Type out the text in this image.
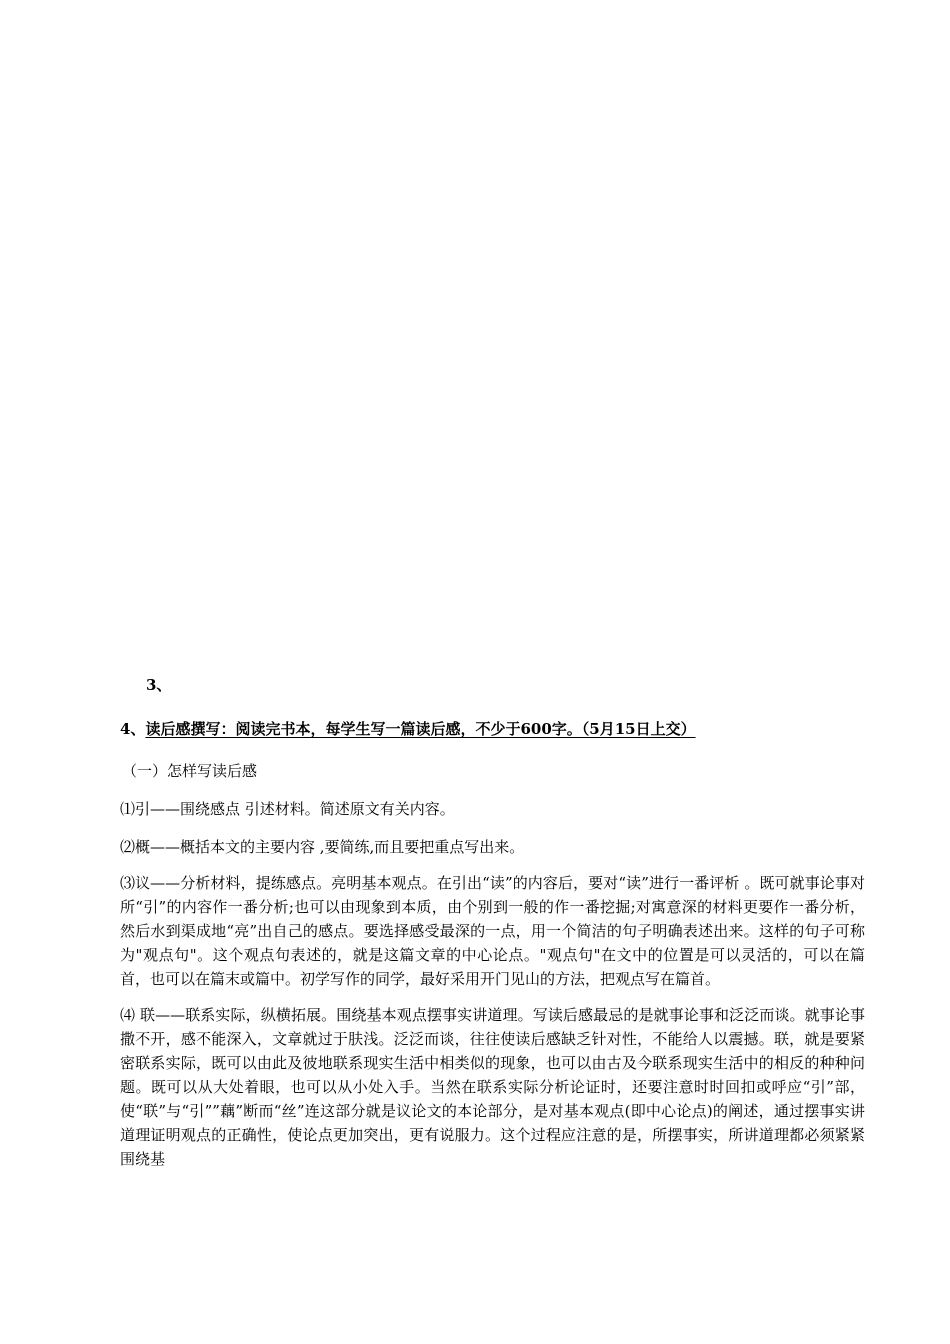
3、
4、读后感撰写：阅读完书本，每学生写一篇读后感，不少于600字。（5月15日上交）

（一）怎样写读后感

⑴引——围绕感点 引述材料。简述原文有关内容。

⑵概——概括本文的主要内容 ,要简练,而且要把重点写出来。

⑶议——分析材料，提练感点。亮明基本观点。在引出“读”的内容后，要对“读”进行一番评析 。既可就事论事对所“引”的内容作一番分析;也可以由现象到本质，由个别到一般的作一番挖掘;对寓意深的材料更要作一番分析，然后水到渠成地“亮”出自己的感点。要选择感受最深的一点，用一个简洁的句子明确表述出来。这样的句子可称为"观点句"。这个观点句表述的，就是这篇文章的中心论点。"观点句"在文中的位置是可以灵活的，可以在篇首，也可以在篇末或篇中。初学写作的同学，最好采用开门见山的方法，把观点写在篇首。

⑷ 联——联系实际，纵横拓展。围绕基本观点摆事实讲道理。写读后感最忌的是就事论事和泛泛而谈。就事论事撒不开，感不能深入，文章就过于肤浅。泛泛而谈，往往使读后感缺乏针对性，不能给人以震撼。联，就是要紧密联系实际，既可以由此及彼地联系现实生活中相类似的现象，也可以由古及今联系现实生活中的相反的种种问题。既可以从大处着眼，也可以从小处入手。当然在联系实际分析论证时，还要注意时时回扣或呼应“引”部，使“联”与“引””藕”断而“丝”连这部分就是议论文的本论部分，是对基本观点(即中心论点)的阐述，通过摆事实讲道理证明观点的正确性，使论点更加突出，更有说服力。这个过程应注意的是，所摆事实，所讲道理都必须紧紧围绕基
